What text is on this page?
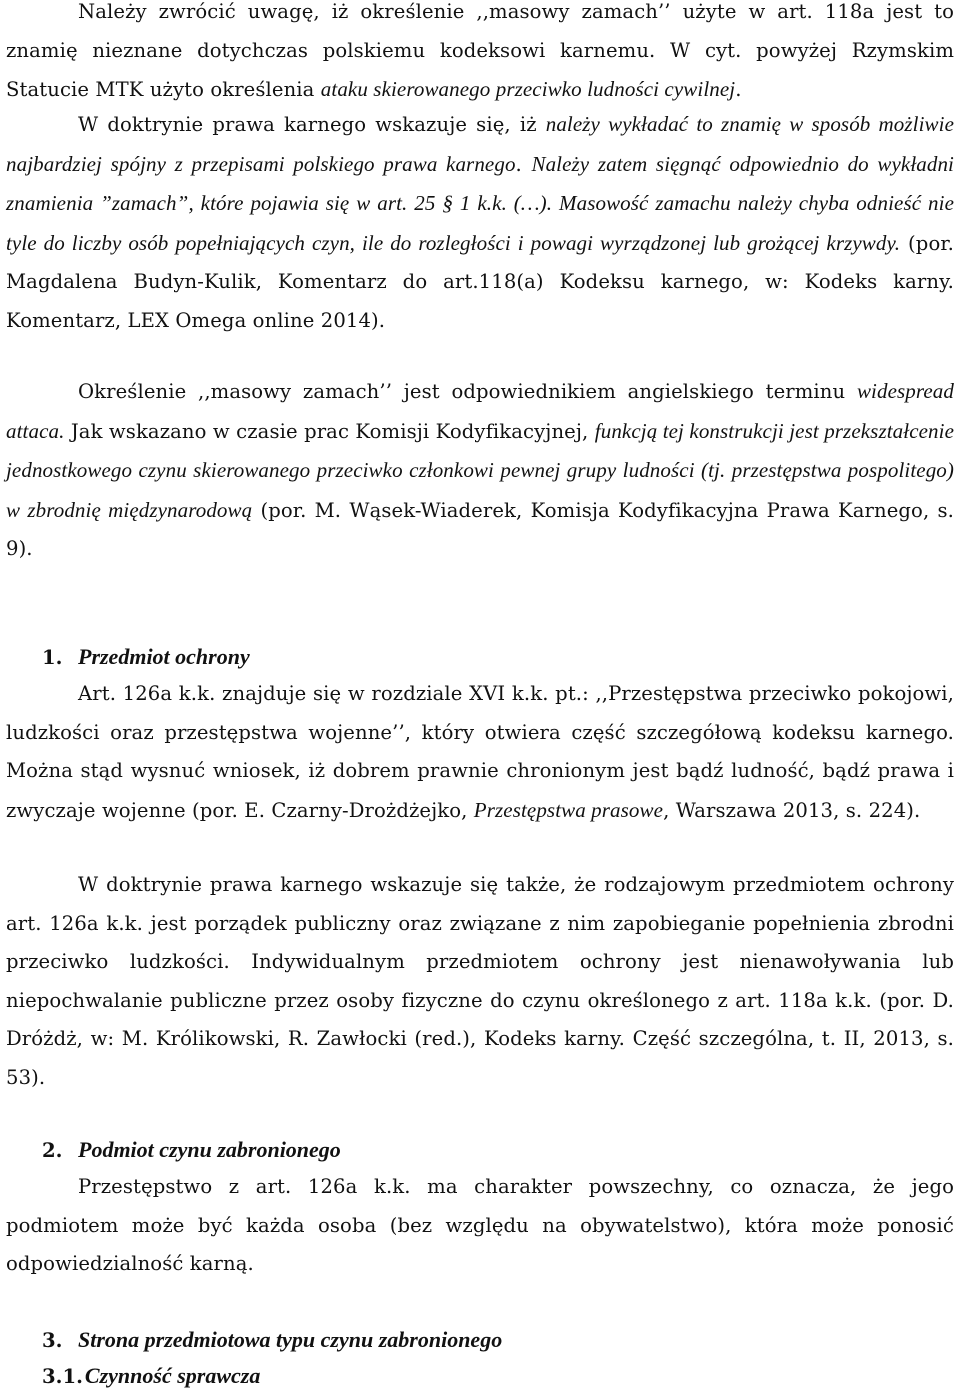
Należy zwrócić uwagę, iż określenie ,,masowy zamach’’ użyte w art. 118a jest to znamię nieznane dotychczas polskiemu kodeksowi karnemu. W cyt. powyżej Rzymskim Statucie MTK użyto określenia ataku skierowanego przeciwko ludności cywilnej.

W doktrynie prawa karnego wskazuje się, iż należy wykładać to znamię w sposób możliwie najbardziej spójny z przepisami polskiego prawa karnego. Należy zatem sięgnąć odpowiednio do wykładni znamienia ”zamach”, które pojawia się w art. 25 § 1 k.k. (…). Masowość zamachu należy chyba odnieść nie tyle do liczby osób popełniających czyn, ile do rozległości i powagi wyrządzonej lub grożącej krzywdy. (por. Magdalena Budyn-Kulik, Komentarz do art.118(a) Kodeksu karnego, w: Kodeks karny. Komentarz, LEX Omega online 2014).

Określenie ,,masowy zamach’’ jest odpowiednikiem angielskiego terminu widespread attaca. Jak wskazano w czasie prac Komisji Kodyfikacyjnej, funkcją tej konstrukcji jest przekształcenie jednostkowego czynu skierowanego przeciwko członkowi pewnej grupy ludności (tj. przestępstwa pospolitego) w zbrodnię międzynarodową (por. M. Wąsek-Wiaderek, Komisja Kodyfikacyjna Prawa Karnego, s. 9).

1. Przedmiot ochrony

Art. 126a k.k. znajduje się w rozdziale XVI k.k. pt.: ,,Przestępstwa przeciwko pokojowi, ludzkości oraz przestępstwa wojenne’’, który otwiera część szczegółową kodeksu karnego. Można stąd wysnuć wniosek, iż dobrem prawnie chronionym jest bądź ludność, bądź prawa i zwyczaje wojenne (por. E. Czarny-Drożdżejko, Przestępstwa prasowe, Warszawa 2013, s. 224).

W doktrynie prawa karnego wskazuje się także, że rodzajowym przedmiotem ochrony art. 126a k.k. jest porządek publiczny oraz związane z nim zapobieganie popełnienia zbrodni przeciwko ludzkości. Indywidualnym przedmiotem ochrony jest nienawoływania lub niepochwalanie publiczne przez osoby fizyczne do czynu określonego z art. 118a k.k. (por. D. Dróżdż, w: M. Królikowski, R. Zawłocki (red.), Kodeks karny. Część szczególna, t. II, 2013, s. 53).

2. Podmiot czynu zabronionego

Przestępstwo z art. 126a k.k. ma charakter powszechny, co oznacza, że jego podmiotem może być każda osoba (bez względu na obywatelstwo), która może ponosić odpowiedzialność karną.

3. Strona przedmiotowa typu czynu zabronionego
3.1.Czynność sprawcza
